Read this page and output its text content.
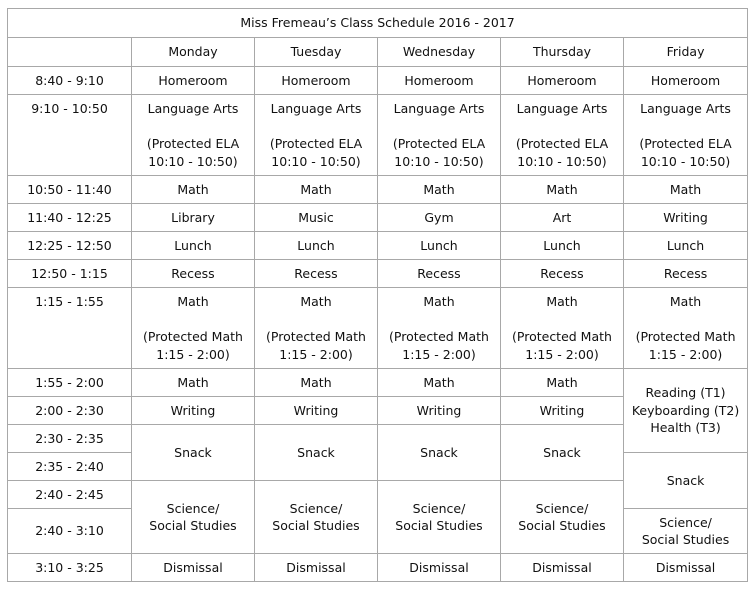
Miss Fremeau’s Class Schedule 2016 - 2017					
	Monday	Tuesday	Wednesday	Thursday	Friday
8:40 - 9:10	Homeroom	Homeroom	Homeroom	Homeroom	Homeroom
9:10 - 10:50	Language Arts

(Protected ELA
10:10 - 10:50)	Language Arts

(Protected ELA
10:10 - 10:50)	Language Arts

(Protected ELA
10:10 - 10:50)	Language Arts

(Protected ELA
10:10 - 10:50)	Language Arts

(Protected ELA
10:10 - 10:50)
10:50 - 11:40	Math	Math	Math	Math	Math
11:40 - 12:25	Library	Music	Gym	Art	Writing
12:25 - 12:50	Lunch	Lunch	Lunch	Lunch	Lunch
12:50 - 1:15	Recess	Recess	Recess	Recess	Recess
1:15 - 1:55	Math

(Protected Math
1:15 - 2:00)	Math

(Protected Math
1:15 - 2:00)	Math

(Protected Math
1:15 - 2:00)	Math

(Protected Math
1:15 - 2:00)	Math

(Protected Math
1:15 - 2:00)
1:55 - 2:00	Math	Math	Math	Math	Reading (T1)
Keyboarding (T2)
Health (T3)
2:00 - 2:30	Writing	Writing	Writing	Writing	
2:30 - 2:35	Snack	Snack	Snack	Snack	
2:35 - 2:40					Snack
2:40 - 2:45	Science/
Social Studies	Science/
Social Studies	Science/
Social Studies	Science/
Social Studies	
2:40 - 3:10					Science/
Social Studies
3:10 - 3:25	Dismissal	Dismissal	Dismissal	Dismissal	Dismissal
